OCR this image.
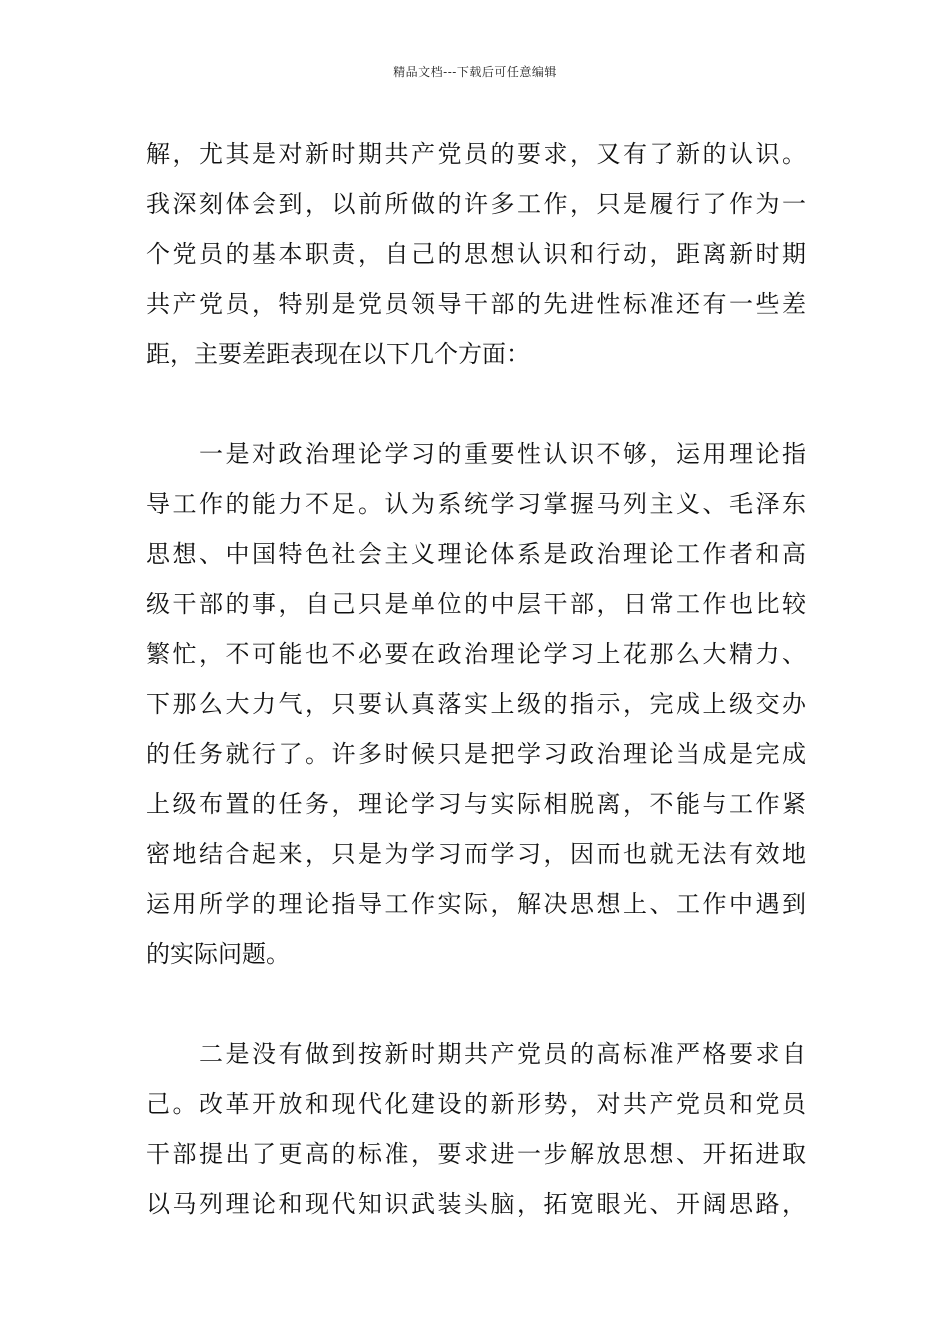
精品文档---下载后可任意编辑
解，尤其是对新时期共产党员的要求，又有了新的认识。
我深刻体会到，以前所做的许多工作，只是履行了作为一
个党员的基本职责，自己的思想认识和行动，距离新时期
共产党员，特别是党员领导干部的先进性标准还有一些差
距，主要差距表现在以下几个方面：
　　一是对政治理论学习的重要性认识不够，运用理论指
导工作的能力不足。认为系统学习掌握马列主义、毛泽东
思想、中国特色社会主义理论体系是政治理论工作者和高
级干部的事，自己只是单位的中层干部，日常工作也比较
繁忙，不可能也不必要在政治理论学习上花那么大精力、
下那么大力气，只要认真落实上级的指示，完成上级交办
的任务就行了。许多时候只是把学习政治理论当成是完成
上级布置的任务，理论学习与实际相脱离，不能与工作紧
密地结合起来，只是为学习而学习，因而也就无法有效地
运用所学的理论指导工作实际，解决思想上、工作中遇到
的实际问题。
　　二是没有做到按新时期共产党员的高标准严格要求自
己。改革开放和现代化建设的新形势，对共产党员和党员
干部提出了更高的标准，要求进一步解放思想、开拓进取
以马列理论和现代知识武装头脑，拓宽眼光、开阔思路，
